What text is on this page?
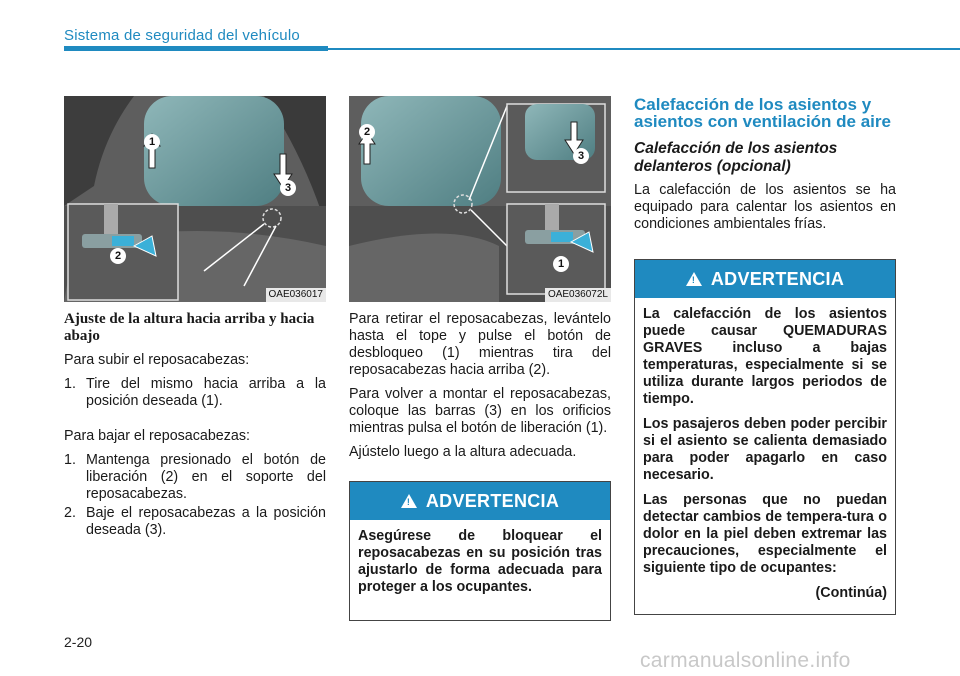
Sistema de seguridad del vehículo
1
2
3
OAE036017
2
3
1
OAE036072L
Ajuste de la altura hacia arriba y hacia abajo

Para subir el reposacabezas:

1. Tire del mismo hacia arriba a la posición deseada (1).

Para bajar el reposacabezas:

1. Mantenga presionado el botón de liberación (2) en el soporte del reposacabezas.
2. Baje el reposacabezas a la posición deseada (3).

Para retirar el reposacabezas, levántelo hasta el tope y pulse el botón de desbloqueo (1) mientras tira del reposacabezas hacia arriba (2).

Para volver a montar el reposacabezas, coloque las barras (3) en los orificios mientras pulsa el botón de liberación (1).

Ajústelo luego a la altura adecuada.

! ADVERTENCIA

Asegúrese de bloquear el reposacabezas en su posición tras ajustarlo de forma adecuada para proteger a los ocupantes.

Calefacción de los asientos y asientos con ventilación de aire
Calefacción de los asientos delanteros (opcional)

La calefacción de los asientos se ha equipado para calentar los asientos en condiciones ambientales frías.

! ADVERTENCIA

La calefacción de los asientos puede causar QUEMADURAS GRAVES incluso a bajas temperaturas, especialmente si se utiliza durante largos periodos de tiempo.

Los pasajeros deben poder percibir si el asiento se calienta demasiado para poder apagarlo en caso necesario.

Las personas que no puedan detectar cambios de tempera-tura o dolor en la piel deben extremar las precauciones, especialmente el siguiente tipo de ocupantes:

(Continúa)

2-20
carmanualsonline.info
